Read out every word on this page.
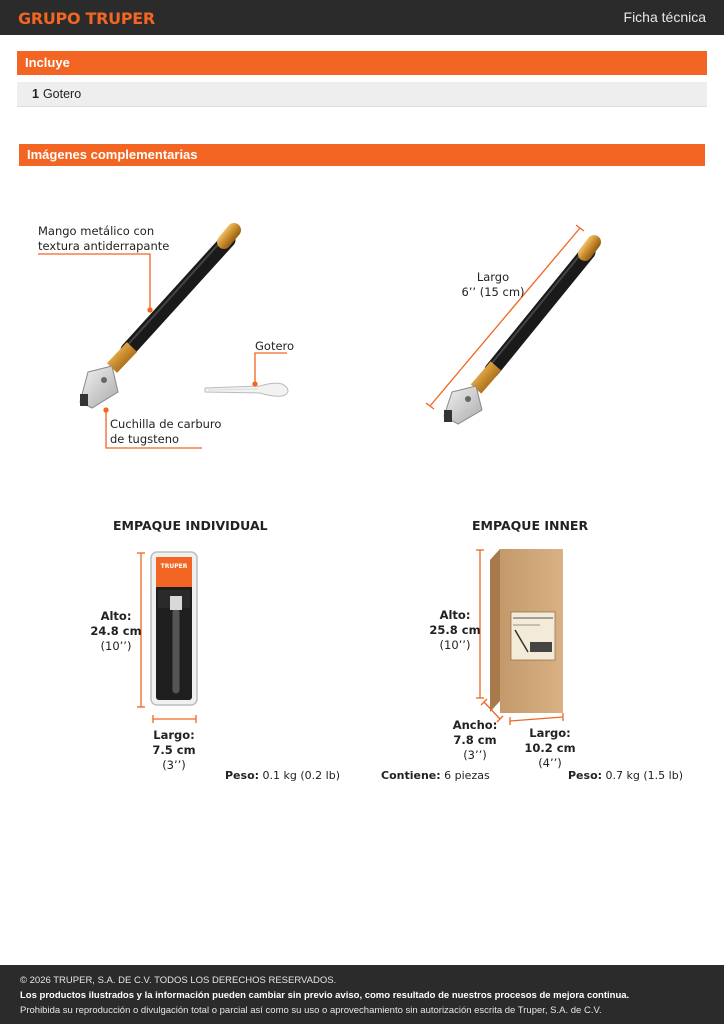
GRUPO TRUPER	Ficha técnica
Incluye
1 Gotero
Imágenes complementarias
TRUPER
Mango metálico con
textura antiderrapante
Gotero
Cuchilla de carburo
de tugsteno
Largo
6’’ (15 cm)
EMPAQUE INDIVIDUAL
Alto:
24.8 cm
(10’’)
Largo:
7.5 cm
(3’’)
Peso: 0.1 kg (0.2 lb)
EMPAQUE INNER
Alto:
25.8 cm
(10’’)
Ancho:
7.8 cm
(3’’)
Largo:
10.2 cm
(4’’)
Contiene: 6 piezas	Peso: 0.7 kg (1.5 lb)
© 2026 TRUPER, S.A. DE C.V. TODOS LOS DERECHOS RESERVADOS.
Los productos ilustrados y la información pueden cambiar sin previo aviso, como resultado de nuestros procesos de mejora continua.
Prohibida su reproducción o divulgación total o parcial así como su uso o aprovechamiento sin autorización escrita de Truper, S.A. de C.V.
